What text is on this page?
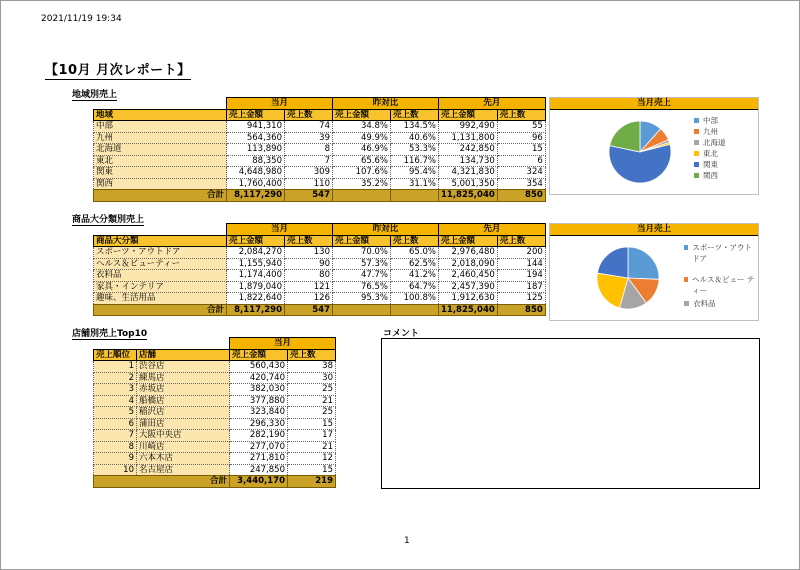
2021/11/19 19:34
【10月 月次レポート】
地域別売上
	当月		昨対比		先月	
地域	売上金額	売上数	売上金額	売上数	売上金額	売上数
中部	941,310	74	34.8%	134.5%	992,490	55
九州	564,360	39	49.9%	40.6%	1,131,800	96
北海道	113,890	8	46.9%	53.3%	242,850	15
東北	88,350	7	65.6%	116.7%	134,730	6
関東	4,648,980	309	107.6%	95.4%	4,321,830	324
関西	1,760,400	110	35.2%	31.1%	5,001,350	354
合計	8,117,290	547			11,825,040	850
当月売上
中部
九州
北海道
東北
関東
関西
商品大分類別売上
	当月		昨対比		先月	
商品大分類	売上金額	売上数	売上金額	売上数	売上金額	売上数
スポーツ・アウトドア	2,084,270	130	70.0%	65.0%	2,976,480	200
ヘルス＆ビューティー	1,155,940	90	57.3%	62.5%	2,018,090	144
衣料品	1,174,400	80	47.7%	41.2%	2,460,450	194
家具・インテリア	1,879,040	121	76.5%	64.7%	2,457,390	187
趣味、生活用品	1,822,640	126	95.3%	100.8%	1,912,630	125
合計	8,117,290	547			11,825,040	850
当月売上
スポーツ・アウトドア
ヘルス＆ビュー ティー
衣料品
店舗別売上Top10
		当月	
売上順位	店舗	売上金額	売上数
1	渋谷店	560,430	38
2	練馬店	420,740	30
3	赤坂店	382,030	25
4	船橋店	377,880	21
5	稲沢店	323,840	25
6	蒲田店	296,330	15
7	大阪中央店	282,190	17
8	川崎店	277,070	21
9	六本木店	271,810	12
10	名古屋店	247,850	15
合計		3,440,170	219
コメント
1
